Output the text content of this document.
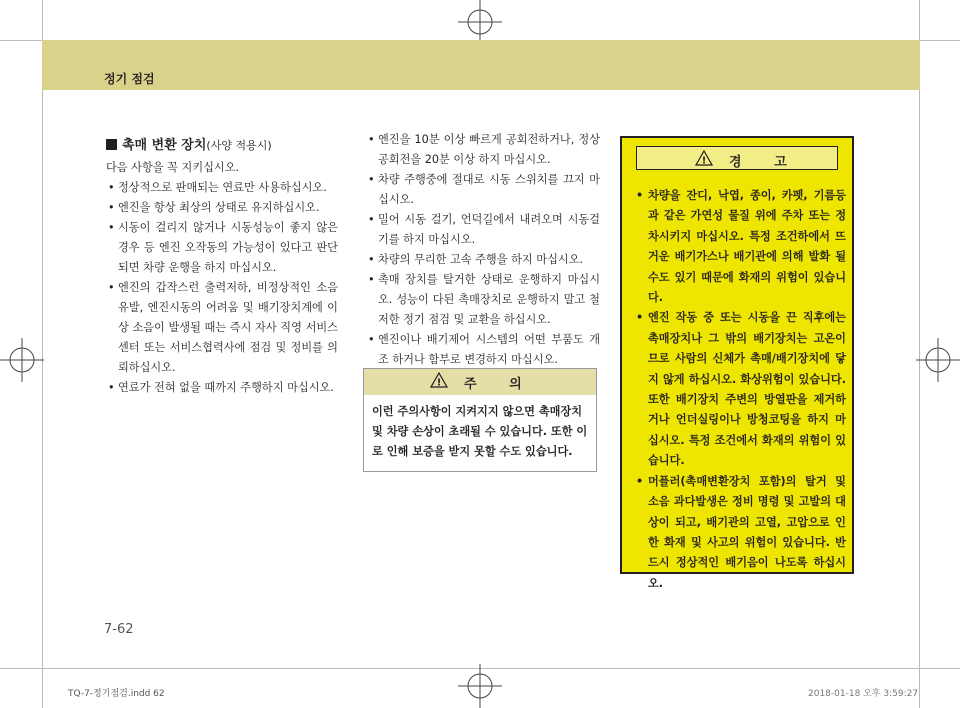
정기 점검
촉매 변환 장치(사양 적용시)
다음 사항을 꼭 지키십시오.
• 정상적으로 판매되는 연료만 사용하십시오.
• 엔진을 항상 최상의 상태로 유지하십시오.
• 시동이 걸리지 않거나 시동성능이 좋지 않은 경우 등 엔진 오작동의 가능성이 있다고 판단되면 차량 운행을 하지 마십시오.
• 엔진의 갑작스런 출력저하, 비정상적인 소음 유발, 엔진시동의 어려움 및 배기장치계에 이상 소음이 발생될 때는 즉시 자사 직영 서비스센터 또는 서비스협력사에 점검 및 정비를 의뢰하십시오.
• 연료가 전혀 없을 때까지 주행하지 마십시오.
• 엔진을 10분 이상 빠르게 공회전하거나, 정상 공회전을 20분 이상 하지 마십시오.
• 차량 주행중에 절대로 시동 스위치를 끄지 마십시오.
• 밀어 시동 걸기, 언덕길에서 내려오며 시동걸기를 하지 마십시오.
• 차량의 무리한 고속 주행을 하지 마십시오.
• 촉매 장치를 탈거한 상태로 운행하지 마십시오. 성능이 다된 촉매장치로 운행하지 말고 철저한 정기 점검 및 교환을 하십시오.
• 엔진이나 배기제어 시스템의 어떤 부품도 개조 하거나 함부로 변경하지 마십시오.
! 주 의
이런 주의사항이 지켜지지 않으면 촉매장치 및 차량 손상이 초래될 수 있습니다. 또한 이로 인해 보증을 받지 못할 수도 있습니다.
! 경 고
• 차량을 잔디, 낙엽, 종이, 카펫, 기름등과 같은 가연성 물질 위에 주차 또는 정차시키지 마십시오. 특정 조건하에서 뜨거운 배기가스나 배기관에 의해 발화 될 수도 있기 때문에 화재의 위험이 있습니다.
• 엔진 작동 중 또는 시동을 끈 직후에는 촉매장치나 그 밖의 배기장치는 고온이므로 사람의 신체가 촉매/배기장치에 닿지 않게 하십시오. 화상위험이 있습니다. 또한 배기장치 주변의 방열판을 제거하거나 언더실링이나 방청코팅을 하지 마십시오. 특정 조건에서 화재의 위험이 있습니다.
• 머플러(촉매변환장치 포함)의 탈거 및 소음 과다발생은 정비 명령 및 고발의 대상이 되고, 배기관의 고열, 고압으로 인한 화재 및 사고의 위험이 있습니다. 반드시 정상적인 배기음이 나도록 하십시오.
7-62
TQ-7-정기점검.indd 62	2018-01-18 오후 3:59:27
